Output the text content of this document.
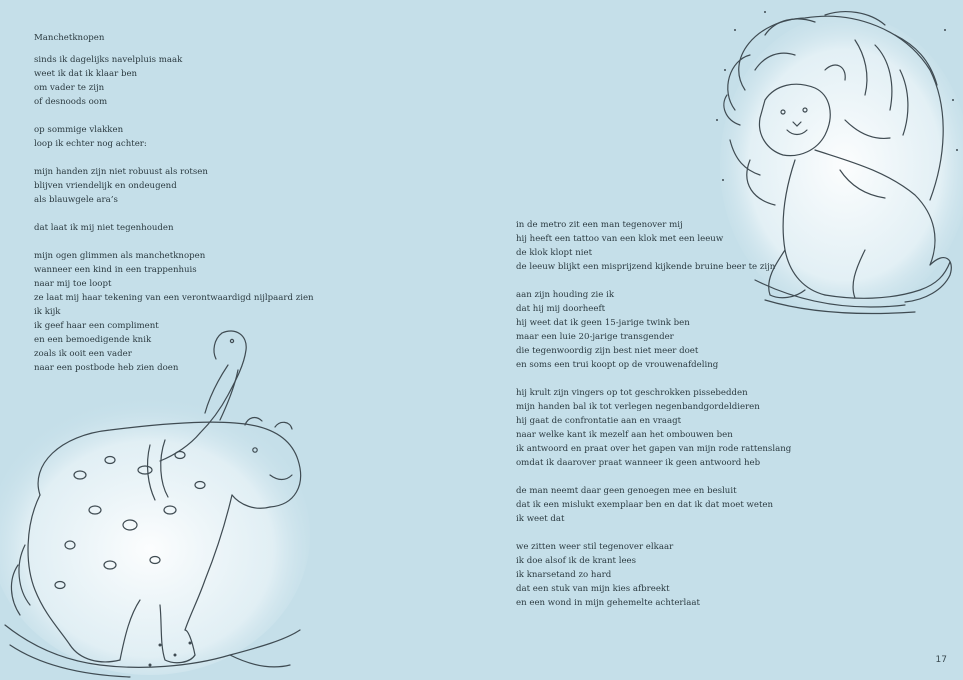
Manchetknopen
sinds ik dagelijks navelpluis maak
weet ik dat ik klaar ben
om vader te zijn
of desnoods oom
op sommige vlakken
loop ik echter nog achter:
mijn handen zijn niet robuust als rotsen
blijven vriendelijk en ondeugend
als blauwgele ara’s
dat laat ik mij niet tegenhouden
mijn ogen glimmen als manchetknopen
wanneer een kind in een trappenhuis
naar mij toe loopt
ze laat mij haar tekening van een verontwaardigd nijlpaard zien
ik kijk
ik geef haar een compliment
en een bemoedigende knik
zoals ik ooit een vader
naar een postbode heb zien doen
in de metro zit een man tegenover mij
hij heeft een tattoo van een klok met een leeuw
de klok klopt niet
de leeuw blijkt een misprijzend kijkende bruine beer te zijn
aan zijn houding zie ik
dat hij mij doorheeft
hij weet dat ik geen 15-jarige twink ben
maar een luie 20-jarige transgender
die tegenwoordig zijn best niet meer doet
en soms een trui koopt op de vrouwenafdeling
hij krult zijn vingers op tot geschrokken pissebedden
mijn handen bal ik tot verlegen negenbandgordeldieren
hij gaat de confrontatie aan en vraagt
naar welke kant ik mezelf aan het ombouwen ben
ik antwoord en praat over het gapen van mijn rode rattenslang
omdat ik daarover praat wanneer ik geen antwoord heb
de man neemt daar geen genoegen mee en besluit
dat ik een mislukt exemplaar ben en dat ik dat moet weten
ik weet dat
we zitten weer stil tegenover elkaar
ik doe alsof ik de krant lees
ik knarsetand zo hard
dat een stuk van mijn kies afbreekt
en een wond in mijn gehemelte achterlaat
17
